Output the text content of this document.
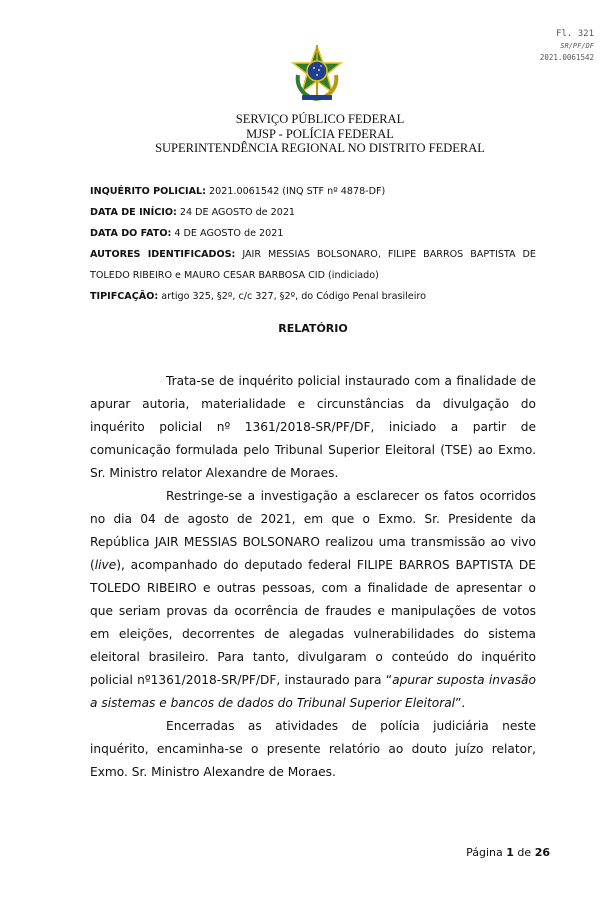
Fl. 321
SR/PF/DF
2021.0061542
SERVIÇO PÚBLICO FEDERAL
MJSP - POLÍCIA FEDERAL
SUPERINTENDÊNCIA REGIONAL NO DISTRITO FEDERAL

INQUÉRITO POLICIAL: 2021.0061542 (INQ STF nº 4878-DF)

DATA DE INÍCIO: 24 DE AGOSTO de 2021

DATA DO FATO: 4 DE AGOSTO de 2021

AUTORES IDENTIFICADOS: JAIR MESSIAS BOLSONARO, FILIPE BARROS BAPTISTA DE

TOLEDO RIBEIRO e MAURO CESAR BARBOSA CID (indiciado)

TIPIFCAÇÃO: artigo 325, §2º, c/c 327, §2º, do Código Penal brasileiro

RELATÓRIO

Trata-se de inquérito policial instaurado com a finalidade de apurar autoria, materialidade e circunstâncias da divulgação do inquérito policial nº 1361/2018-SR/PF/DF, iniciado a partir de comunicação formulada pelo Tribunal Superior Eleitoral (TSE) ao Exmo. Sr. Ministro relator Alexandre de Moraes.

Restringe-se a investigação a esclarecer os fatos ocorridos no dia 04 de agosto de 2021, em que o Exmo. Sr. Presidente da República JAIR MESSIAS BOLSONARO realizou uma transmissão ao vivo (live), acompanhado do deputado federal FILIPE BARROS BAPTISTA DE TOLEDO RIBEIRO e outras pessoas, com a finalidade de apresentar o que seriam provas da ocorrência de fraudes e manipulações de votos em eleições, decorrentes de alegadas vulnerabilidades do sistema eleitoral brasileiro. Para tanto, divulgaram o conteúdo do inquérito policial nº1361/2018-SR/PF/DF, instaurado para “apurar suposta invasão a sistemas e bancos de dados do Tribunal Superior Eleitoral”.

Encerradas as atividades de polícia judiciária neste inquérito, encaminha-se o presente relatório ao douto juízo relator, Exmo. Sr. Ministro Alexandre de Moraes.

Página 1 de 26
